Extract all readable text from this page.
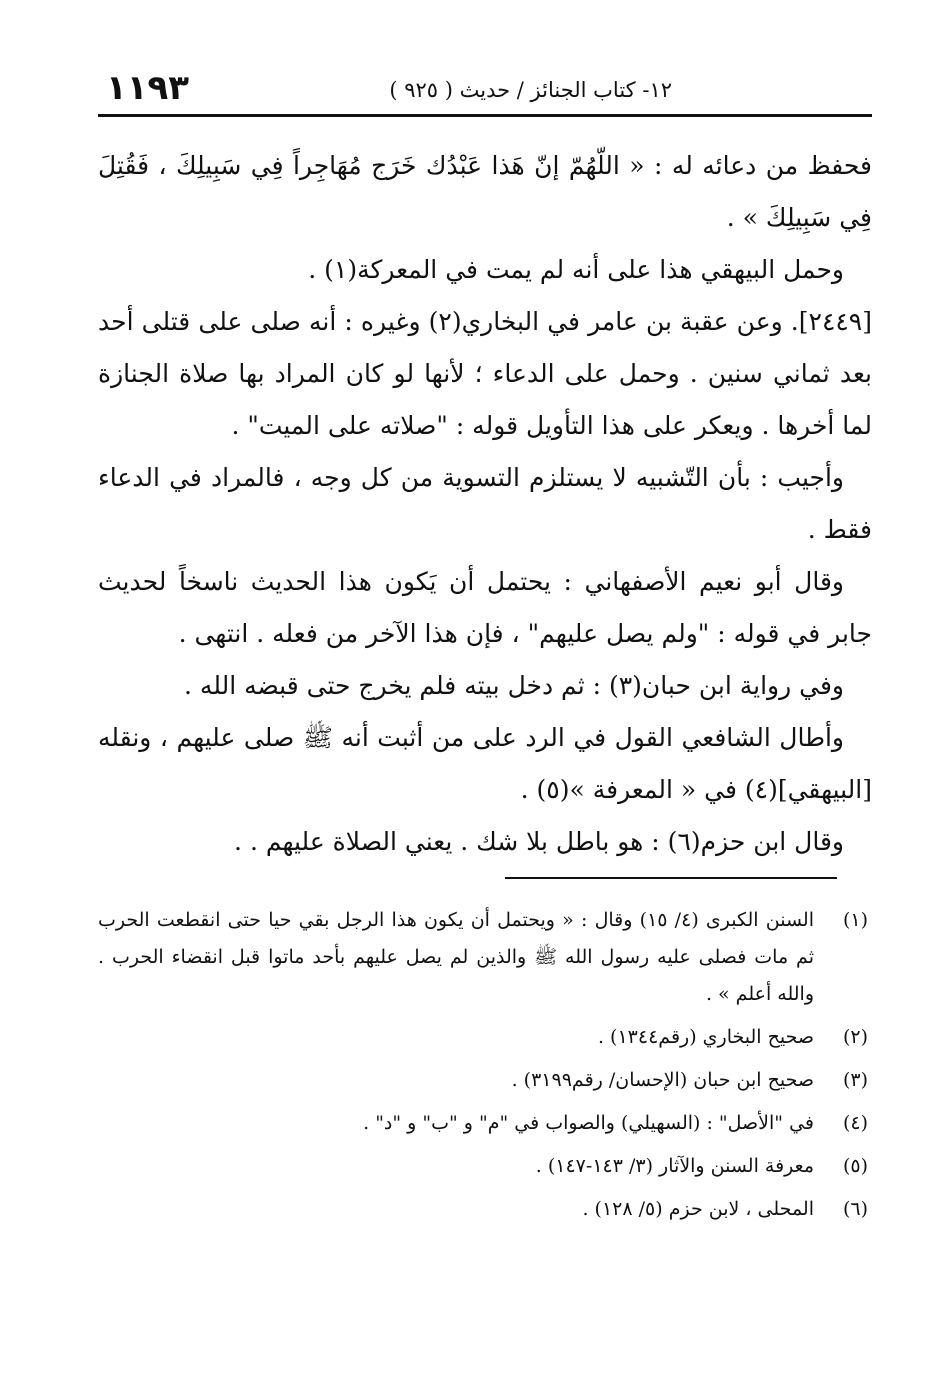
١١٩٣	١٢- كتاب الجنائز / حديث ( ٩٢٥ )

فحفظ من دعائه له : « اللّهُمّ إنّ هَذا عَبْدُك خَرَج مُهَاجِراً فِي سَبِيلِكَ ، فَقُتِلَ فِي سَبِيلِكَ » .

وحمل البيهقي هذا على أنه لم يمت في المعركة(١) .

[٢٤٤٩]. وعن عقبة بن عامر في البخاري(٢) وغيره : أنه صلى على قتلى أحد بعد ثماني سنين . وحمل على الدعاء ؛ لأنها لو كان المراد بها صلاة الجنازة لما أخرها . ويعكر على هذا التأويل قوله : "صلاته على الميت" .

وأجيب : بأن التّشبيه لا يستلزم التسوية من كل وجه ، فالمراد في الدعاء فقط .

وقال أبو نعيم الأصفهاني : يحتمل أن يَكون هذا الحديث ناسخاً لحديث جابر في قوله : "ولم يصل عليهم" ، فإن هذا الآخر من فعله . انتهى .

وفي رواية ابن حبان(٣) : ثم دخل بيته فلم يخرج حتى قبضه الله .

وأطال الشافعي القول في الرد على من أثبت أنه ﷺ صلى عليهم ، ونقله [البيهقي](٤) في « المعرفة »(٥) .

وقال ابن حزم(٦) : هو باطل بلا شك . يعني الصلاة عليهم . .

(١)
السنن الكبرى (٤/ ١٥) وقال : « ويحتمل أن يكون هذا الرجل بقي حيا حتى انقطعت الحرب ثم مات فصلى عليه رسول الله ﷺ والذين لم يصل عليهم بأحد ماتوا قبل انقضاء الحرب . والله أعلم » .
(٢)
صحيح البخاري (رقم١٣٤٤) .
(٣)
صحيح ابن حبان (الإحسان/ رقم٣١٩٩) .
(٤)
في "الأصل" : (السهيلي) والصواب في "م" و "ب" و "د" .
(٥)
معرفة السنن والآثار (٣/ ١٤٣-١٤٧) .
(٦)
المحلى ، لابن حزم (٥/ ١٢٨) .
